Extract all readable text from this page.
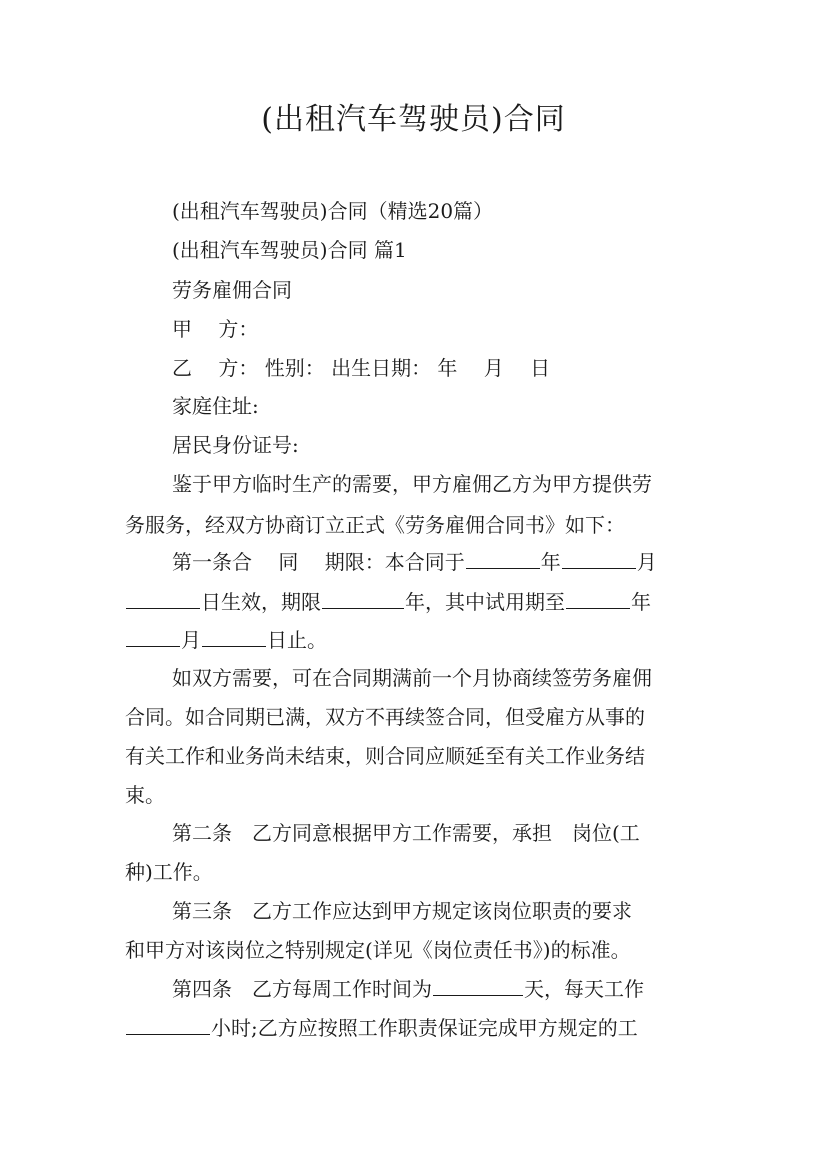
(出租汽车驾驶员)合同
(出租汽车驾驶员)合同（精选20篇）
(出租汽车驾驶员)合同 篇1
劳务雇佣合同
甲　 方：
乙　 方： 性别： 出生日期： 年　 月　 日
家庭住址:
居民身份证号:
鉴于甲方临时生产的需要，甲方雇佣乙方为甲方提供劳
务服务，经双方协商订立正式《劳务雇佣合同书》如下：
第一条合　 同　 期限：本合同于	年	月
日生效，期限	年，其中试用期至	年
月	日止。
如双方需要，可在合同期满前一个月协商续签劳务雇佣
合同。如合同期已满，双方不再续签合同，但受雇方从事的
有关工作和业务尚未结束，则合同应顺延至有关工作业务结
束。
第二条　乙方同意根据甲方工作需要，承担　岗位(工
种)工作。
第三条　乙方工作应达到甲方规定该岗位职责的要求
和甲方对该岗位之特别规定(详见《岗位责任书》)的标准。
第四条　乙方每周工作时间为	天，每天工作
小时;乙方应按照工作职责保证完成甲方规定的工
